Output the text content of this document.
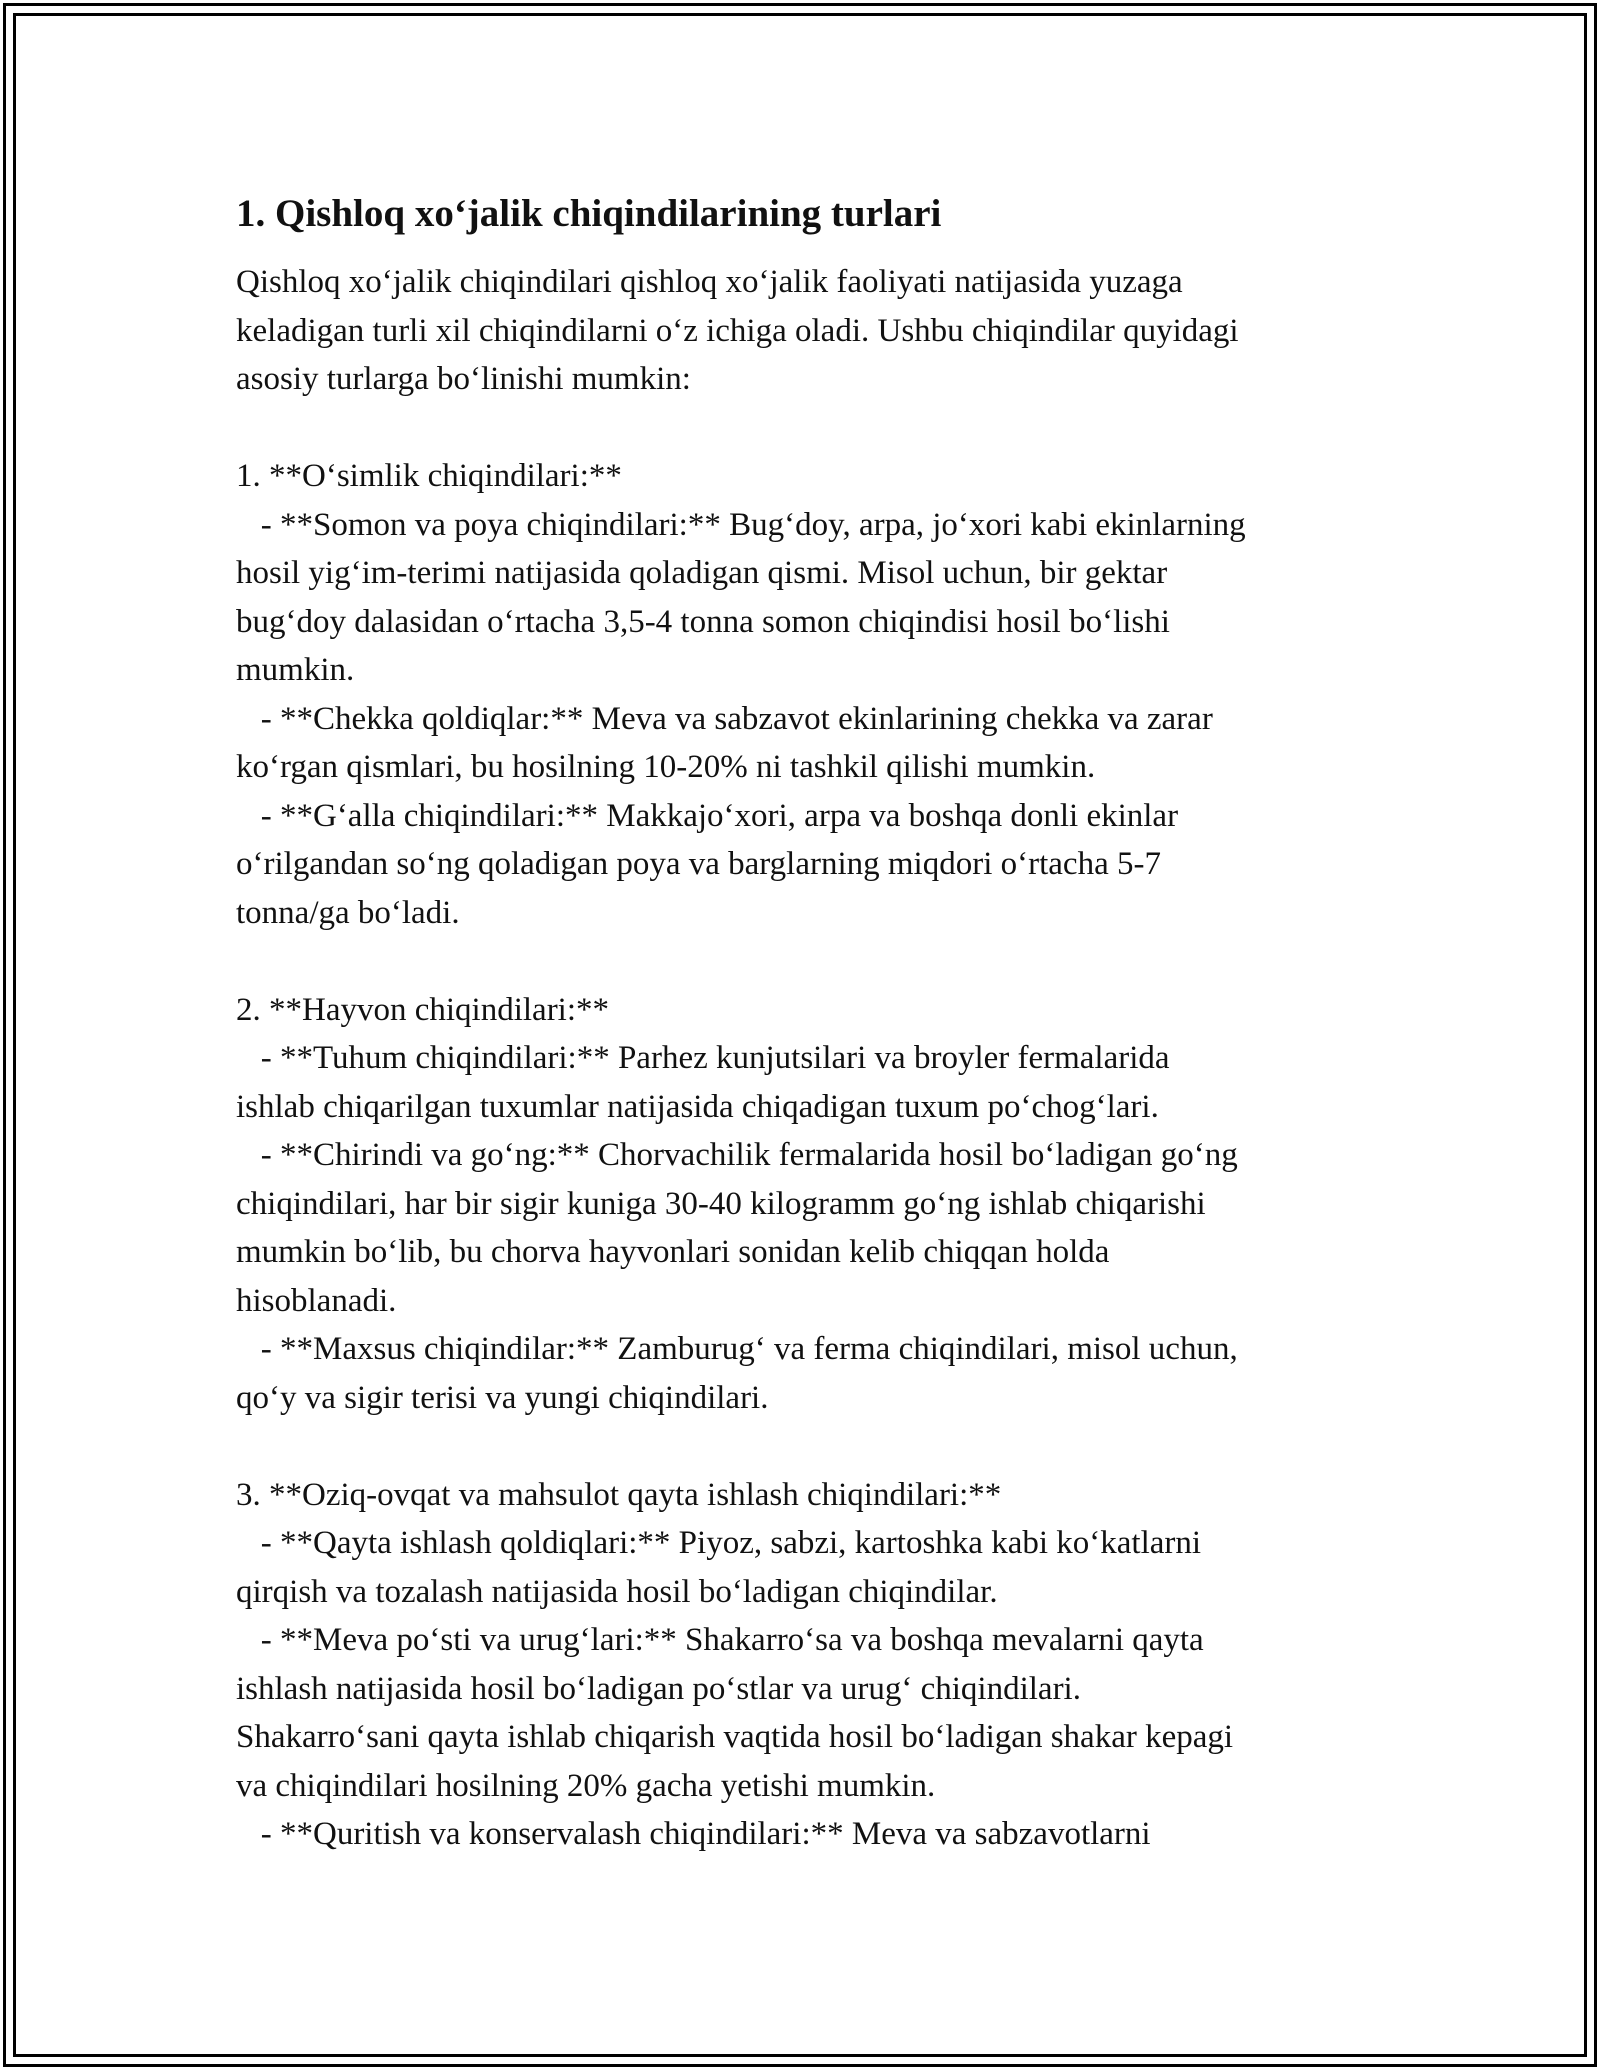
1. Qishloq xo‘jalik chiqindilarining turlari
Qishloq xo‘jalik chiqindilari qishloq xo‘jalik faoliyati natijasida yuzaga
keladigan turli xil chiqindilarni o‘z ichiga oladi. Ushbu chiqindilar quyidagi
asosiy turlarga bo‘linishi mumkin:
1. **O‘simlik chiqindilari:**
- **Somon va poya chiqindilari:** Bug‘doy, arpa, jo‘xori kabi ekinlarning
hosil yig‘im-terimi natijasida qoladigan qismi. Misol uchun, bir gektar
bug‘doy dalasidan o‘rtacha 3,5-4 tonna somon chiqindisi hosil bo‘lishi
mumkin.
- **Chekka qoldiqlar:** Meva va sabzavot ekinlarining chekka va zarar
ko‘rgan qismlari, bu hosilning 10-20% ni tashkil qilishi mumkin.
- **G‘alla chiqindilari:** Makkajo‘xori, arpa va boshqa donli ekinlar
o‘rilgandan so‘ng qoladigan poya va barglarning miqdori o‘rtacha 5-7
tonna/ga bo‘ladi.
2. **Hayvon chiqindilari:**
- **Tuhum chiqindilari:** Parhez kunjutsilari va broyler fermalarida
ishlab chiqarilgan tuxumlar natijasida chiqadigan tuxum po‘chog‘lari.
- **Chirindi va go‘ng:** Chorvachilik fermalarida hosil bo‘ladigan go‘ng
chiqindilari, har bir sigir kuniga 30-40 kilogramm go‘ng ishlab chiqarishi
mumkin bo‘lib, bu chorva hayvonlari sonidan kelib chiqqan holda
hisoblanadi.
- **Maxsus chiqindilar:** Zamburug‘ va ferma chiqindilari, misol uchun,
qo‘y va sigir terisi va yungi chiqindilari.
3. **Oziq-ovqat va mahsulot qayta ishlash chiqindilari:**
- **Qayta ishlash qoldiqlari:** Piyoz, sabzi, kartoshka kabi ko‘katlarni
qirqish va tozalash natijasida hosil bo‘ladigan chiqindilar.
- **Meva po‘sti va urug‘lari:** Shakarro‘sa va boshqa mevalarni qayta
ishlash natijasida hosil bo‘ladigan po‘stlar va urug‘ chiqindilari.
Shakarro‘sani qayta ishlab chiqarish vaqtida hosil bo‘ladigan shakar kepagi
va chiqindilari hosilning 20% gacha yetishi mumkin.
- **Quritish va konservalash chiqindilari:** Meva va sabzavotlarni
